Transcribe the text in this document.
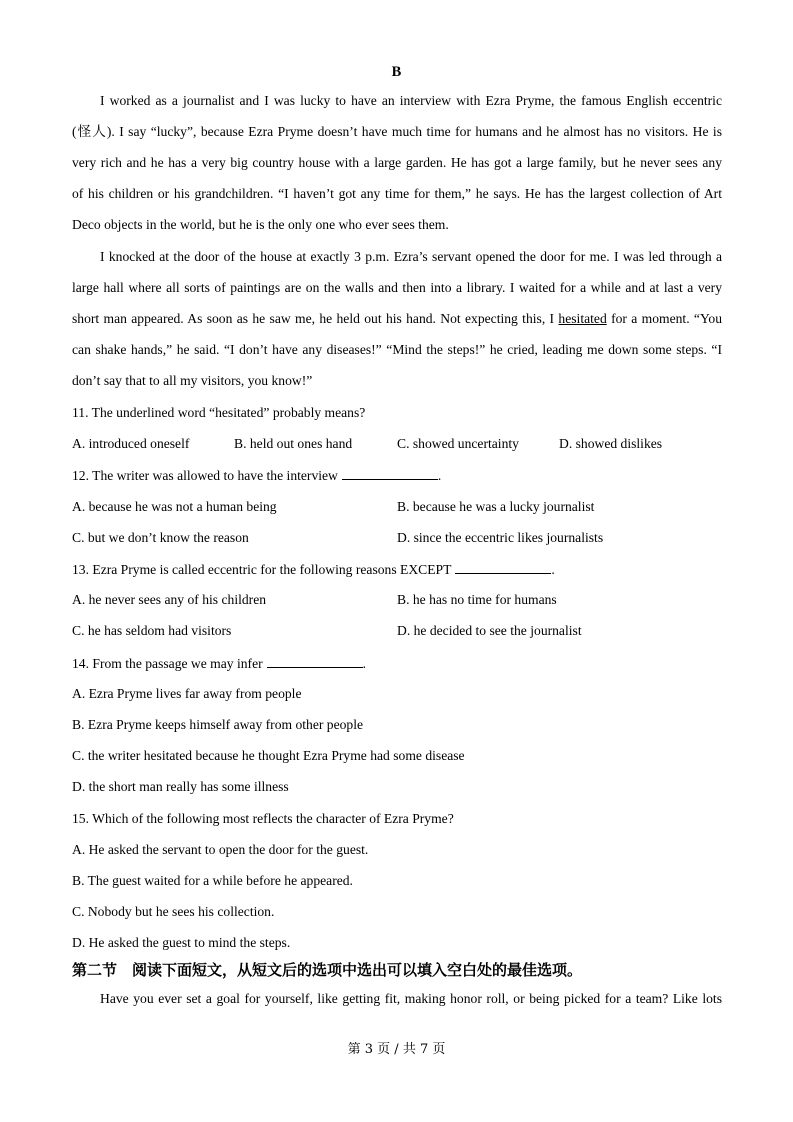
B
I worked as a journalist and I was lucky to have an interview with Ezra Pryme, the famous English eccentric
(怪人). I say “lucky”, because Ezra Pryme doesn’t have much time for humans and he almost has no visitors. He is
very rich and he has a very big country house with a large garden. He has got a large family, but he never sees any
of his children or his grandchildren. “I haven’t got any time for them,” he says. He has the largest collection of Art
Deco objects in the world, but he is the only one who ever sees them.
I knocked at the door of the house at exactly 3 p.m. Ezra’s servant opened the door for me. I was led through a
large hall where all sorts of paintings are on the walls and then into a library. I waited for a while and at last a very
short man appeared. As soon as he saw me, he held out his hand. Not expecting this, I hesitated for a moment. “You
can shake hands,” he said. “I don’t have any diseases!” “Mind the steps!” he cried, leading me down some steps. “I
don’t say that to all my visitors, you know!”
11. The underlined word “hesitated” probably means?
A. introduced oneself	B. held out ones hand	C. showed uncertainty	D. showed dislikes
12. The writer was allowed to have the interview	.
A. because he was not a human being	B. because he was a lucky journalist
C. but we don’t know the reason	D. since the eccentric likes journalists
13. Ezra Pryme is called eccentric for the following reasons EXCEPT	.
A. he never sees any of his children	B. he has no time for humans
C. he has seldom had visitors	D. he decided to see the journalist
14. From the passage we may infer	.
A. Ezra Pryme lives far away from people
B. Ezra Pryme keeps himself away from other people
C. the writer hesitated because he thought Ezra Pryme had some disease
D. the short man really has some illness
15. Which of the following most reflects the character of Ezra Pryme?
A. He asked the servant to open the door for the guest.
B. The guest waited for a while before he appeared.
C. Nobody but he sees his collection.
D. He asked the guest to mind the steps.
第二节　阅读下面短文，从短文后的选项中选出可以填入空白处的最佳选项。
Have you ever set a goal for yourself, like getting fit, making honor roll, or being picked for a team? Like lots
第 3 页 / 共 7 页
